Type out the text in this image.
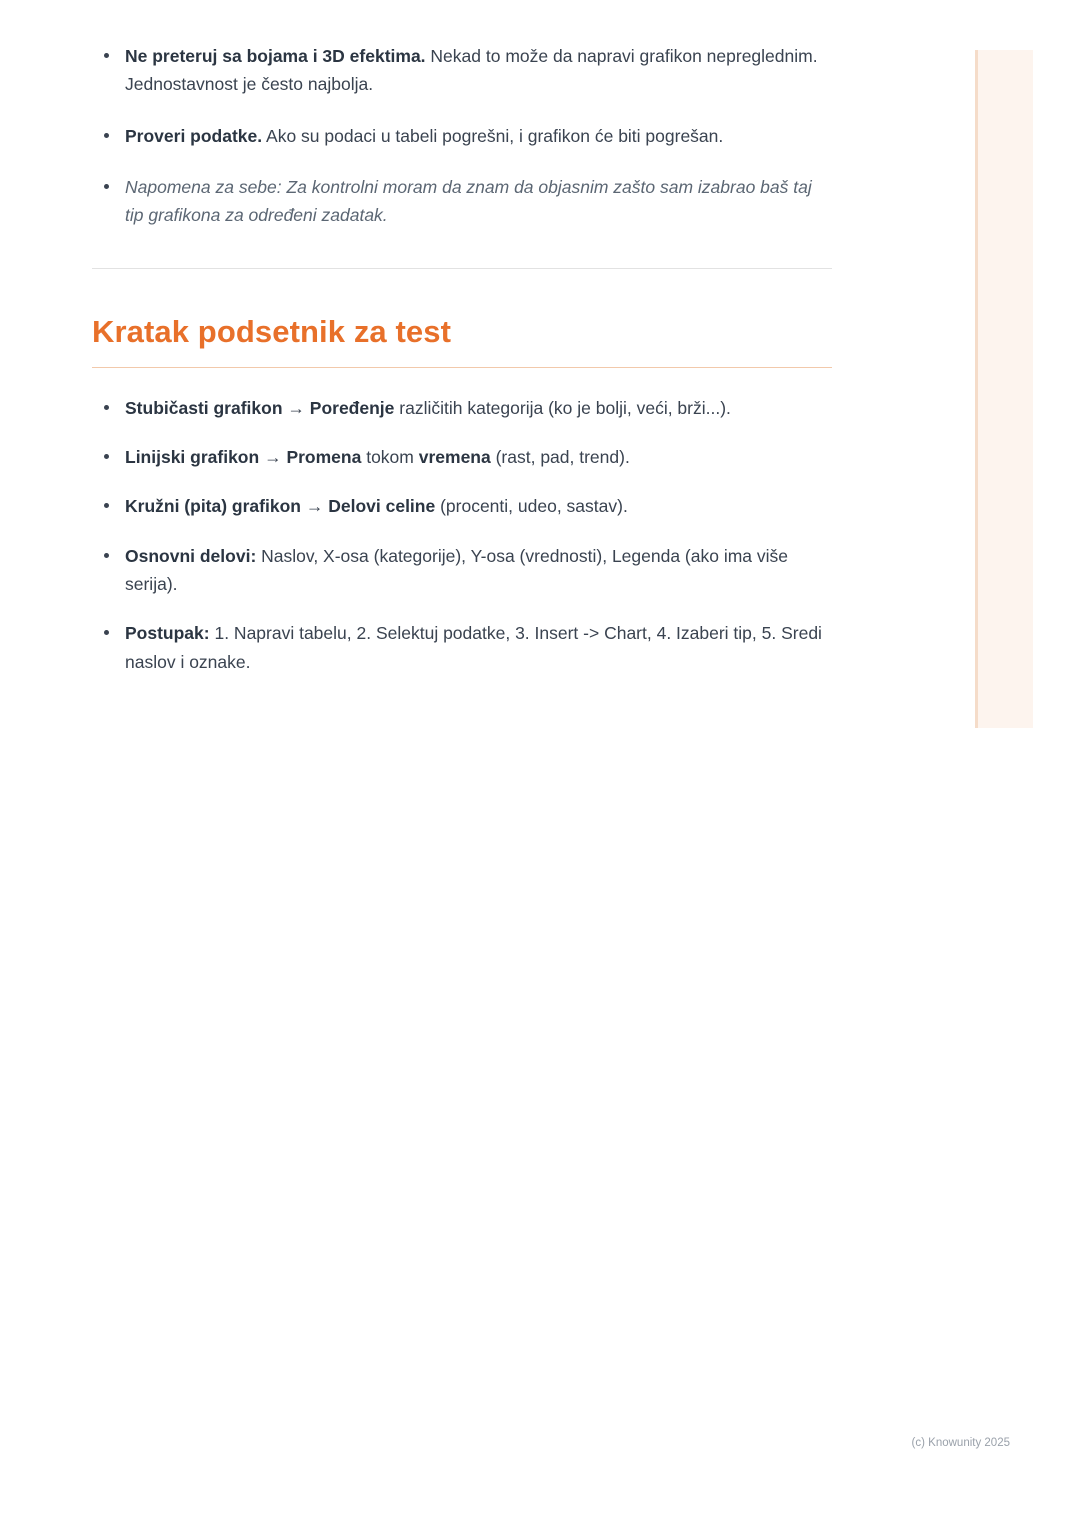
Ne preteruj sa bojama i 3D efektima. Nekad to može da napravi grafikon nepreglednim. Jednostavnost je često najbolja.
Proveri podatke. Ako su podaci u tabeli pogrešni, i grafikon će biti pogrešan.
Napomena za sebe: Za kontrolni moram da znam da objasnim zašto sam izabrao baš taj tip grafikona za određeni zadatak.
Kratak podsetnik za test
Stubičasti grafikon → Poređenje različitih kategorija (ko je bolji, veći, brži...).
Linijski grafikon → Promena tokom vremena (rast, pad, trend).
Kružni (pita) grafikon → Delovi celine (procenti, udeo, sastav).
Osnovni delovi: Naslov, X-osa (kategorije), Y-osa (vrednosti), Legenda (ako ima više serija).
Postupak: 1. Napravi tabelu, 2. Selektuj podatke, 3. Insert -> Chart, 4. Izaberi tip, 5. Sredi naslov i oznake.
(c) Knowunity 2025
